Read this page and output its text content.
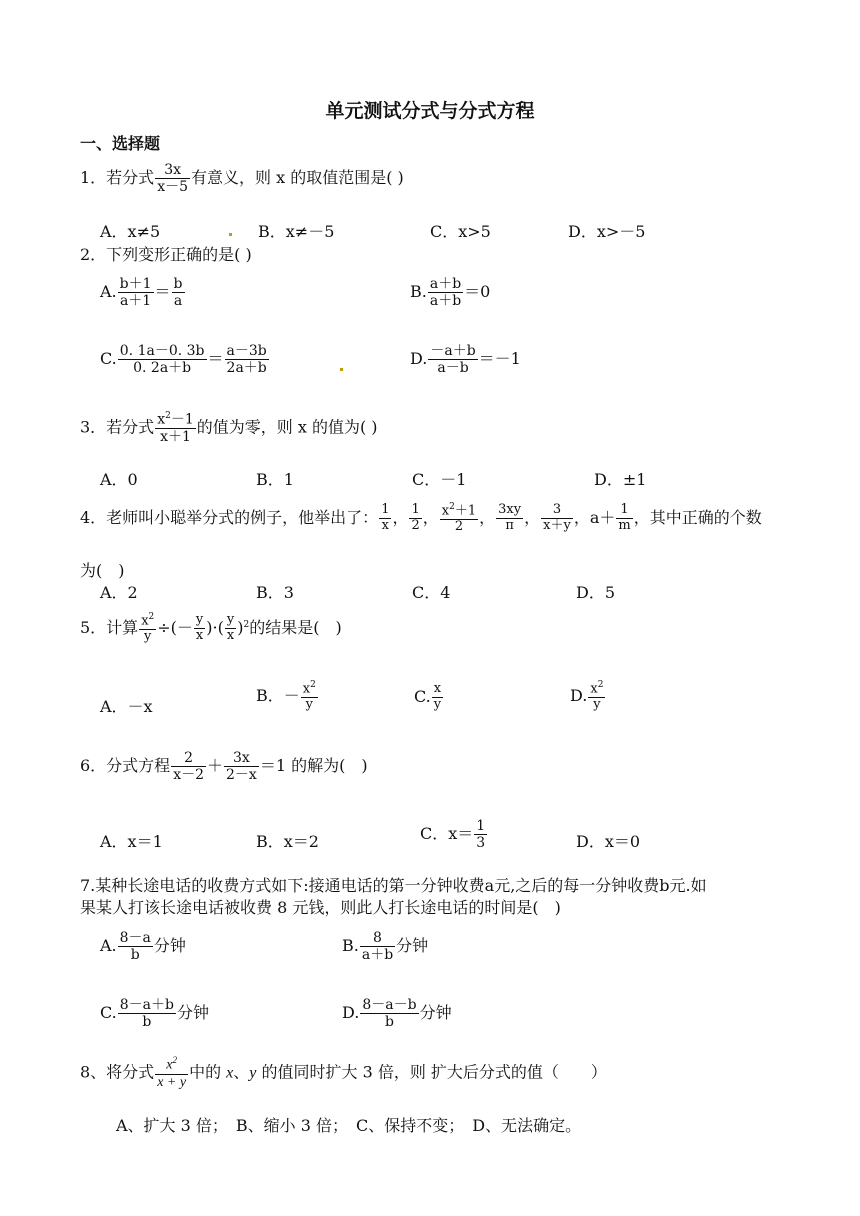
单元测试分式与分式方程
一、选择题
1．若分式 $\frac{3x}{x-5}$ 有意义，则 x 的取值范围是( )
A．x≠5	B．x≠－5	C．x>5	D．x>－5
2．下列变形正确的是( )
A. $\frac{b+1}{a+1} = \frac{b}{a}$	B. $\frac{a+b}{a+b} =0$
C. $\frac{0. 1a-0. 3b}{0. 2a+b} = \frac{a-3b}{2a+b}$	D. $\frac{-a+b}{a-b} =-1$
3．若分式 $\frac{x^2-1}{x+1}$ 的值为零，则 x 的值为( )
A．0	B．1	C．－1	D．±1
4．老师叫小聪举分式的例子，他举出了： $\frac{1}{x}$ ， $\frac{1}{2}$ ， $\frac{x^2+1}{2}$ ， $\frac{3xy}{\pi}$ ， $\frac{3}{x+y}$ ，$a+ \frac{1}{m}$ ，其中正确的个数
为(　)
A．2	B．3	C．4	D．5
5．计算 $\frac{x^2}{y}$ ÷(－ $\frac{y}{x}$ )·( $\frac{y}{x} )^2$的结果是(　)
A．－x
B．－ $\frac{x^2}{y}$	C. $\frac{x}{y}$	D. $\frac{x^2}{y}$
6．分式方程 $\frac{2}{x-2} + \frac{3x}{2-x} =1$ 的解为(　)
A．x＝1	B．x＝2	C．$x= \frac{1}{3}$	D．x＝0
7.某种长途电话的收费方式如下:接通电话的第一分钟收费a元,之后的每一分钟收费b元.如
果某人打该长途电话被收费 8 元钱，则此人打长途电话的时间是(　)
A. $\frac{8-a}{b}$ 分钟	B. $\frac{8}{a+b}$ 分钟
C. $\frac{8-a+b}{b}$ 分钟	D. $\frac{8-a-b}{b}$ 分钟
8、将分式 $\frac{x^2}{x + y}$ 中的 x、y 的值同时扩大 3 倍，则 扩大后分式的值（　　）
A、扩大 3 倍；　B、缩小 3 倍；　C、保持不变；　D、无法确定。
